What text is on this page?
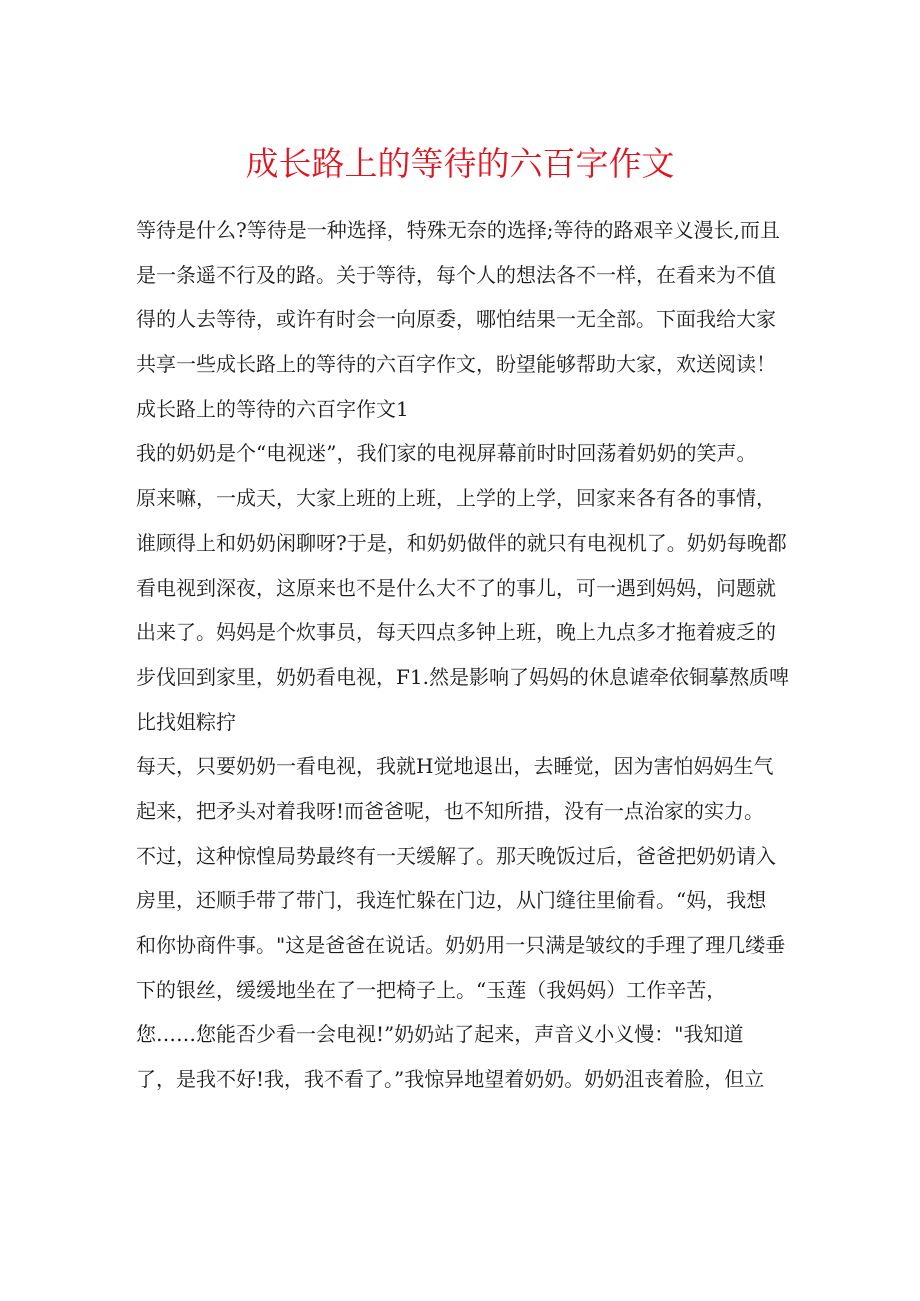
成长路上的等待的六百字作文
等待是什么?等待是一种选择，特殊无奈的选择;等待的路艰辛义漫长,而且
是一条遥不行及的路。关于等待，每个人的想法各不一样，在看来为不值
得的人去等待，或许有时会一向原委，哪怕结果一无全部。下面我给大家
共享一些成长路上的等待的六百字作文，盼望能够帮助大家，欢送阅读！
成长路上的等待的六百字作文1
我的奶奶是个“电视迷”，我们家的电视屏幕前时时回荡着奶奶的笑声。
原来嘛，一成天，大家上班的上班，上学的上学，回家来各有各的事情，
谁顾得上和奶奶闲聊呀?于是，和奶奶做伴的就只有电视机了。奶奶每晚都
看电视到深夜，这原来也不是什么大不了的事儿，可一遇到妈妈，问题就
出来了。妈妈是个炊事员，每天四点多钟上班，晚上九点多才拖着疲乏的
步伐回到家里，奶奶看电视，F1.然是影响了妈妈的休息谑牵依铜摹熬质啤
比找姐粽拧
每天，只要奶奶一看电视，我就H觉地退出，去睡觉，因为害怕妈妈生气
起来，把矛头对着我呀!而爸爸呢，也不知所措，没有一点治家的实力。
不过，这种惊惶局势最终有一天缓解了。那天晚饭过后，爸爸把奶奶请入
房里，还顺手带了带门，我连忙躲在门边，从门缝往里偷看。“妈，我想
和你协商件事。"这是爸爸在说话。奶奶用一只满是皱纹的手理了理几缕垂
下的银丝，缓缓地坐在了一把椅子上。“玉莲（我妈妈）工作辛苦，
您……您能否少看一会电视!”奶奶站了起来，声音义小义慢："我知道
了，是我不好!我，我不看了。”我惊异地望着奶奶。奶奶沮丧着脸，但立
